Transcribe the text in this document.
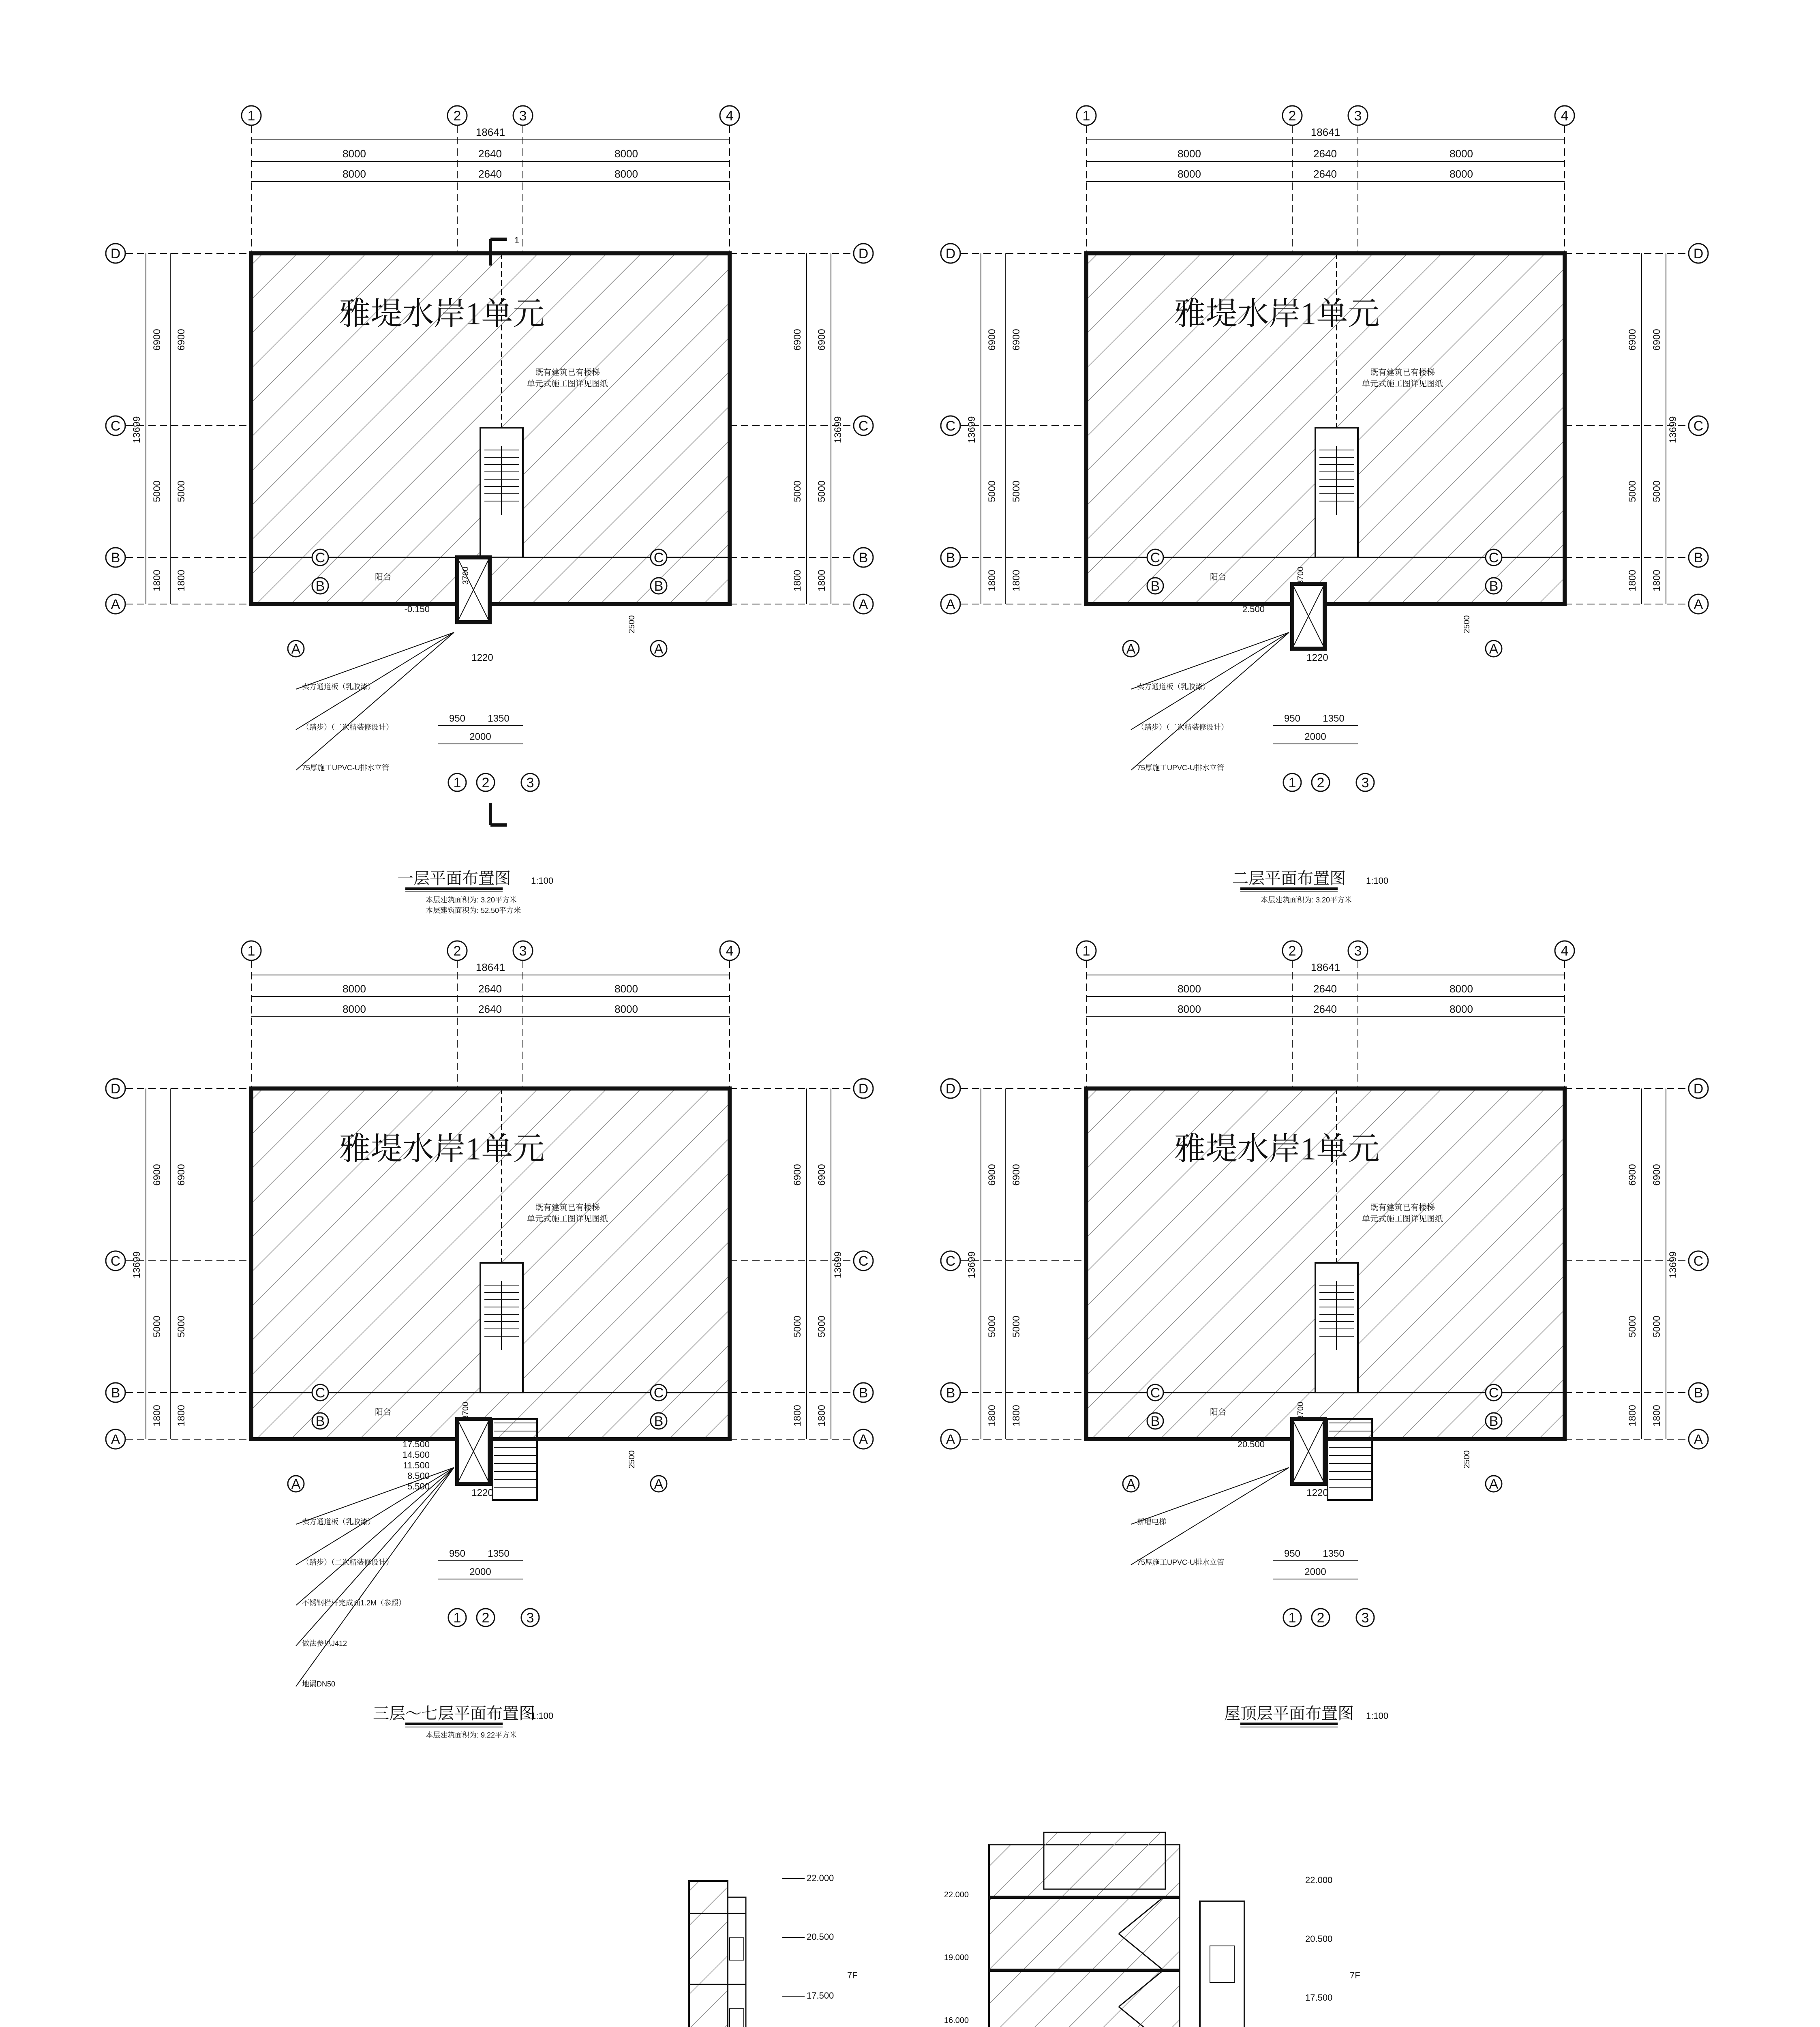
1	2	3	4
18641
8000
8000
2640
2640
8000
8000
D	D
C	C
B	B
A	A
6900 6900	6900 6900
5000 5000	5000 5000
1800 1800	1800 1800
13699	13699
雅堤水岸1单元
既有建筑已有楼梯
单元式施工图详见图纸
C
B
A
C
B
A
阳台
950 1350
2000
1220
1 2	3
3700
2500
-0.150
卖方通道板（乳胶漆）
（踏步）（二次精装修设计）
75厚施工UPVC-U排水立管
1
一层平面布置图 1:100
本层建筑面积为: 3.20平方米
本层建筑面积为: 52.50平方米
1	2	3	4
18641
8000
8000
2640
2640
8000
8000
D	D
C	C
B	B
A	A
6900 6900	6900 6900
5000 5000	5000 5000
1800 1800	1800 1800
13699	13699
雅堤水岸1单元
既有建筑已有楼梯
单元式施工图详见图纸
C
B
A
C
B
A
阳台
950 1350
2000
1220
1 2	3
3700
2500
2.500
卖方通道板（乳胶漆）
（踏步）（二次精装修设计）
75厚施工UPVC-U排水立管
二层平面布置图 1:100
本层建筑面积为: 3.20平方米
1	2	3	4
18641
8000
8000
2640
2640
8000
8000
D	D
C	C
B	B
A	A
6900 6900	6900 6900
5000 5000	5000 5000
1800 1800	1800 1800
13699	13699
雅堤水岸1单元
既有建筑已有楼梯
单元式施工图详见图纸
C
B
A
C
B
A
阳台
950 1350
2000
1220
1 2	3
3700
2500
17.500
14.500
11.500
8.500
5.500
卖方通道板（乳胶漆）
（踏步）（二次精装修设计）
不锈钢栏杆完成面1.2M（参照）
做法参见J412
地漏DN50
三层～七层平面布置图
1:100
本层建筑面积为: 9.22平方米
1	2	3	4
18641
8000
8000
2640
2640
8000
8000
D	D
C	C
B	B
A	A
6900 6900	6900 6900
5000 5000	5000 5000
1800 1800	1800 1800
13699	13699
雅堤水岸1单元
既有建筑已有楼梯
单元式施工图详见图纸
C
B
A
C
B
A
阳台
950 1350
2000
1220
1 2	3
3700
2500
20.500
新增电梯
75厚施工UPVC-U排水立管
屋顶层平面布置图 1:100
22.000
20.500
17.500
7F
22.000
19.000
16.000
22.000
20.500
17.500
7F
